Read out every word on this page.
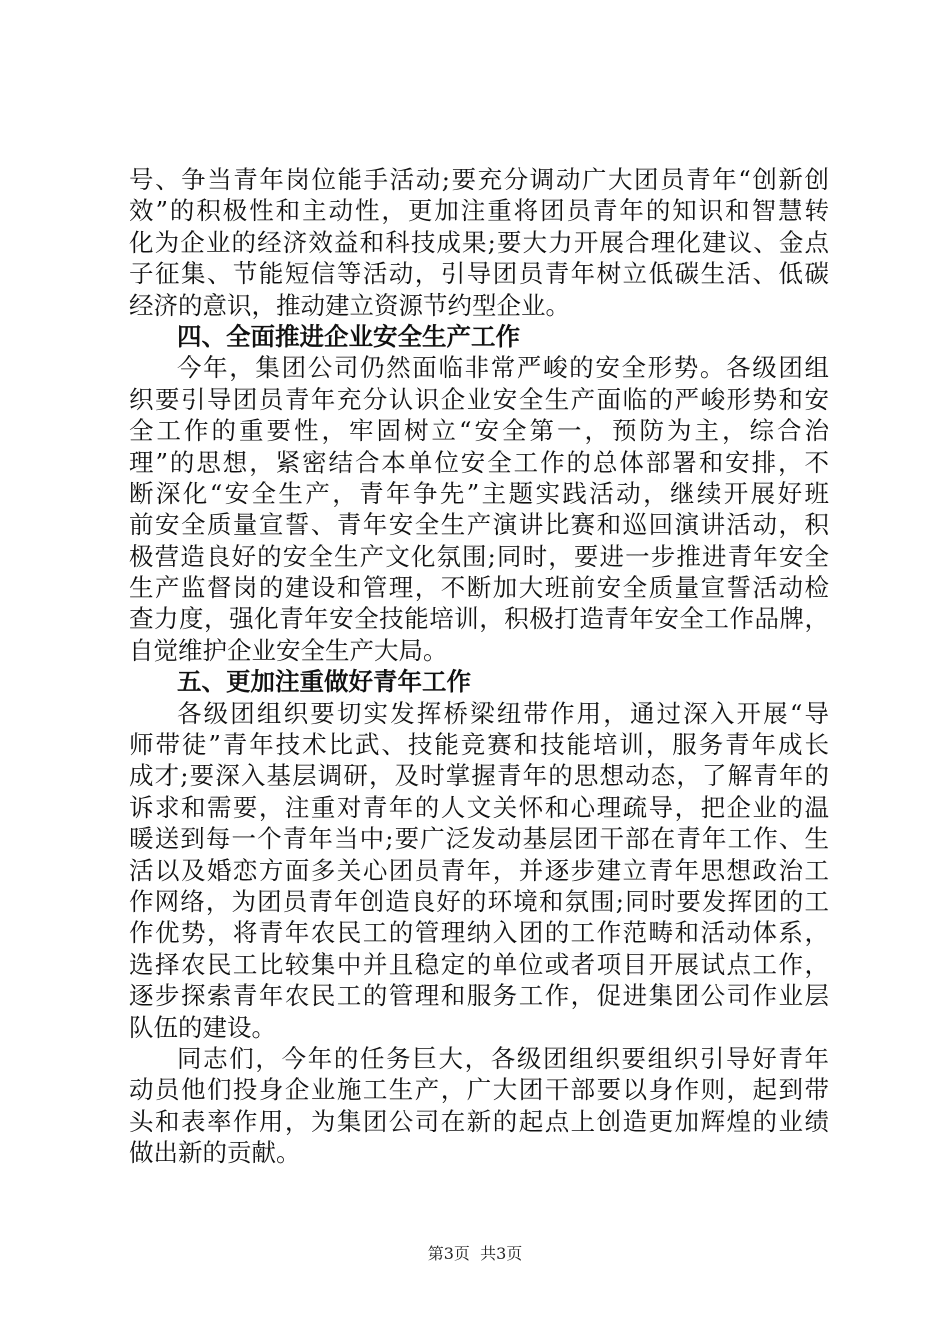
号、争当青年岗位能手活动;要充分调动广大团员青年“创新创
效”的积极性和主动性，更加注重将团员青年的知识和智慧转
化为企业的经济效益和科技成果;要大力开展合理化建议、金点
子征集、节能短信等活动，引导团员青年树立低碳生活、低碳
经济的意识，推动建立资源节约型企业。
四、全面推进企业安全生产工作
今年，集团公司仍然面临非常严峻的安全形势。各级团组
织要引导团员青年充分认识企业安全生产面临的严峻形势和安
全工作的重要性，牢固树立“安全第一，预防为主，综合治
理”的思想，紧密结合本单位安全工作的总体部署和安排，不
断深化“安全生产，青年争先”主题实践活动，继续开展好班
前安全质量宣誓、青年安全生产演讲比赛和巡回演讲活动，积
极营造良好的安全生产文化氛围;同时，要进一步推进青年安全
生产监督岗的建设和管理，不断加大班前安全质量宣誓活动检
查力度，强化青年安全技能培训，积极打造青年安全工作品牌，
自觉维护企业安全生产大局。
五、更加注重做好青年工作
各级团组织要切实发挥桥梁纽带作用，通过深入开展“导
师带徒”青年技术比武、技能竞赛和技能培训，服务青年成长
成才;要深入基层调研，及时掌握青年的思想动态，了解青年的
诉求和需要，注重对青年的人文关怀和心理疏导，把企业的温
暖送到每一个青年当中;要广泛发动基层团干部在青年工作、生
活以及婚恋方面多关心团员青年，并逐步建立青年思想政治工
作网络，为团员青年创造良好的环境和氛围;同时要发挥团的工
作优势，将青年农民工的管理纳入团的工作范畴和活动体系，
选择农民工比较集中并且稳定的单位或者项目开展试点工作，
逐步探索青年农民工的管理和服务工作，促进集团公司作业层
队伍的建设。
同志们，今年的任务巨大，各级团组织要组织引导好青年
动员他们投身企业施工生产，广大团干部要以身作则，起到带
头和表率作用，为集团公司在新的起点上创造更加辉煌的业绩
做出新的贡献。
第3页  共3页
